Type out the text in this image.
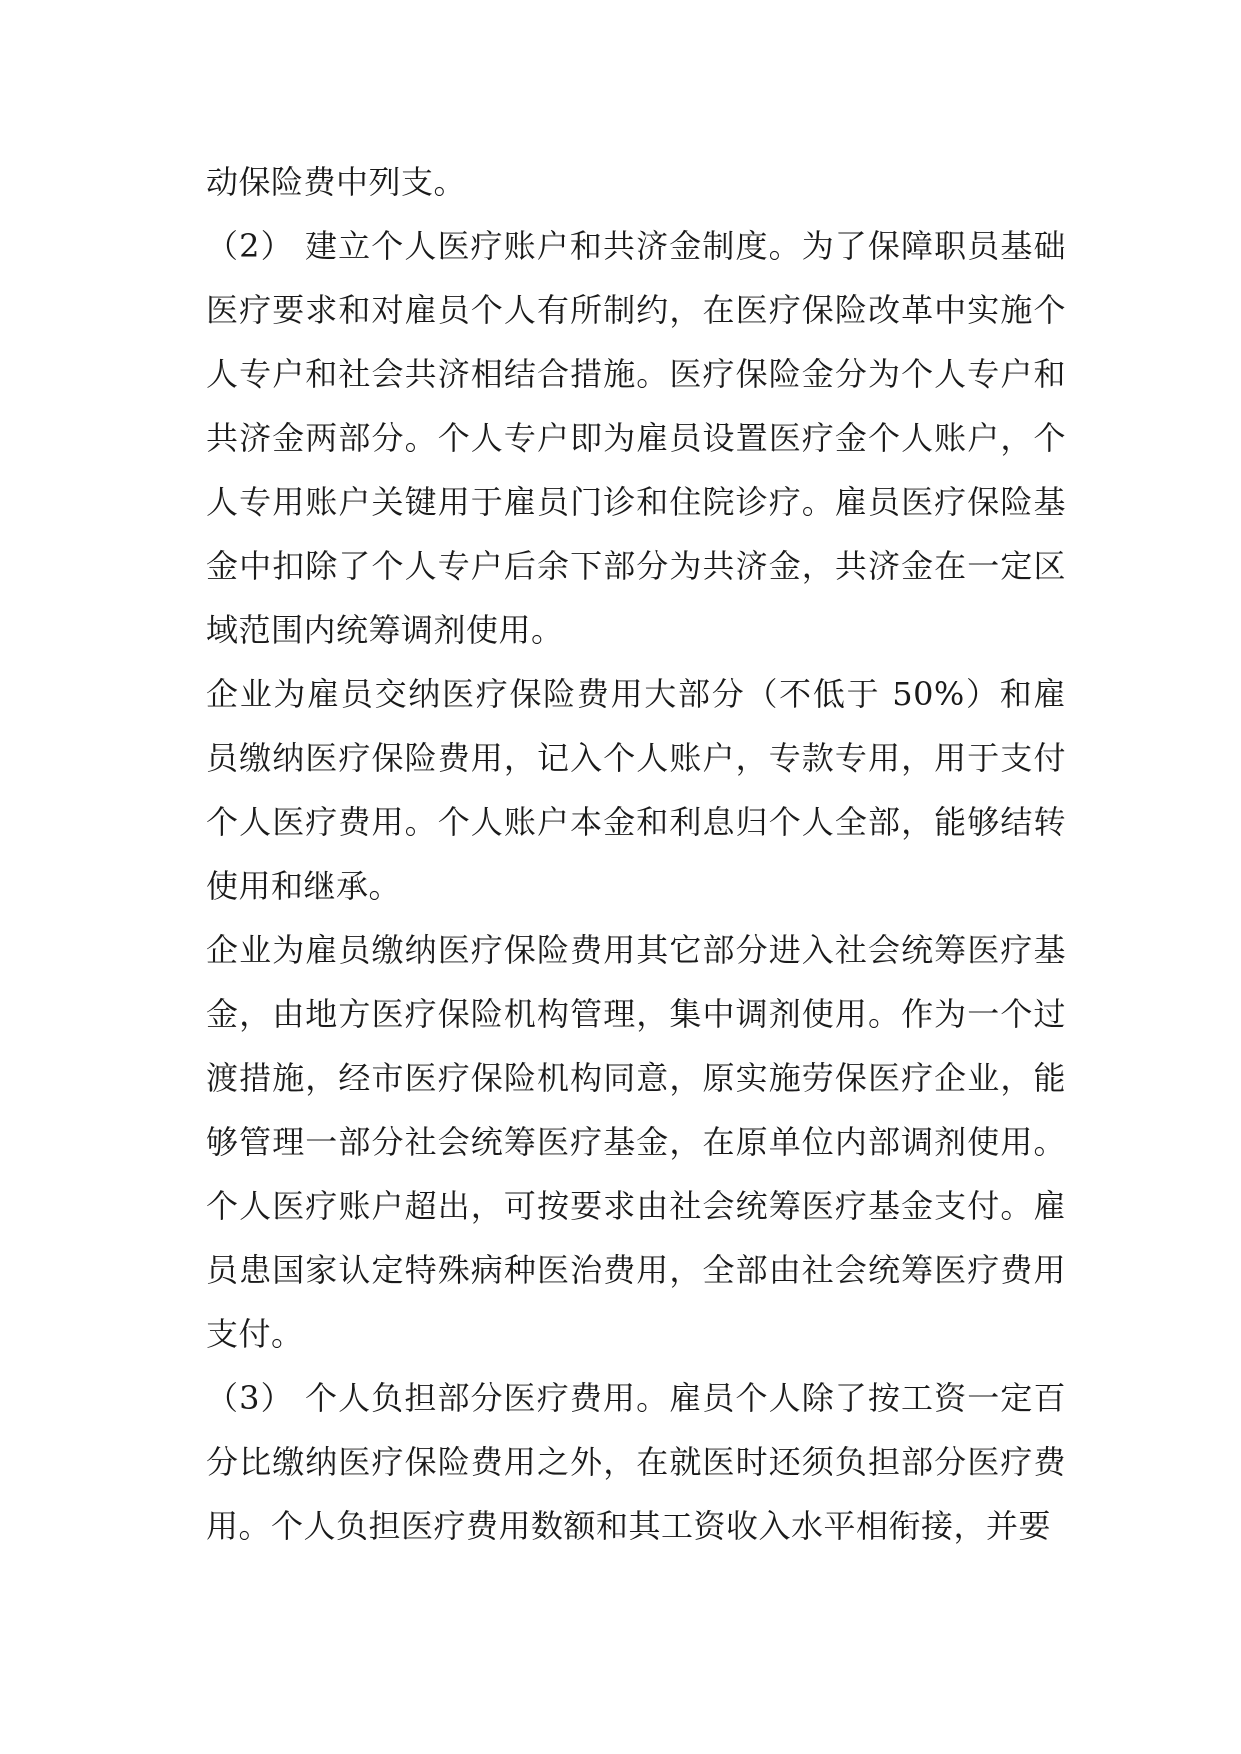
动保险费中列支。

（2） 建立个人医疗账户和共济金制度。为了保障职员基础医疗要求和对雇员个人有所制约，在医疗保险改革中实施个人专户和社会共济相结合措施。医疗保险金分为个人专户和共济金两部分。个人专户即为雇员设置医疗金个人账户，个人专用账户关键用于雇员门诊和住院诊疗。雇员医疗保险基金中扣除了个人专户后余下部分为共济金，共济金在一定区域范围内统筹调剂使用。

企业为雇员交纳医疗保险费用大部分（不低于 50%）和雇员缴纳医疗保险费用，记入个人账户，专款专用，用于支付个人医疗费用。个人账户本金和利息归个人全部，能够结转使用和继承。

企业为雇员缴纳医疗保险费用其它部分进入社会统筹医疗基金，由地方医疗保险机构管理，集中调剂使用。作为一个过渡措施，经市医疗保险机构同意，原实施劳保医疗企业，能够管理一部分社会统筹医疗基金，在原单位内部调剂使用。个人医疗账户超出，可按要求由社会统筹医疗基金支付。雇员患国家认定特殊病种医治费用，全部由社会统筹医疗费用支付。

（3） 个人负担部分医疗费用。雇员个人除了按工资一定百分比缴纳医疗保险费用之外，在就医时还须负担部分医疗费用。个人负担医疗费用数额和其工资收入水平相衔接，并要
